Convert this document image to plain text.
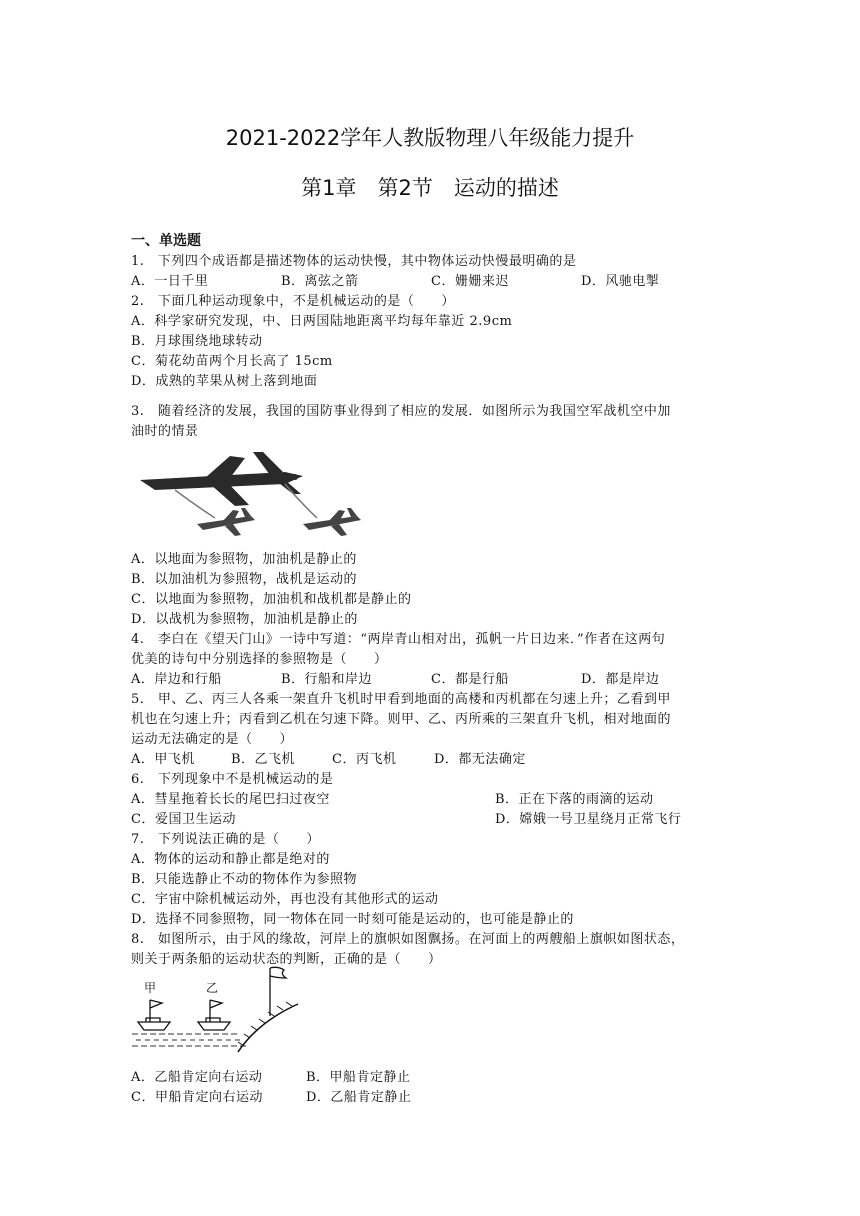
2021-2022学年人教版物理八年级能力提升
第1章　第2节　运动的描述
一、单选题
1.　下列四个成语都是描述物体的运动快慢，其中物体运动快慢最明确的是
A．一日千里	B．离弦之箭	C．姗姗来迟	D．风驰电掣
2.　下面几种运动现象中，不是机械运动的是（　　）
A．科学家研究发现，中、日两国陆地距离平均每年靠近 2.9cm
B．月球围绕地球转动
C．菊花幼苗两个月长高了 15cm
D．成熟的苹果从树上落到地面
3.　随着经济的发展，我国的国防事业得到了相应的发展．如图所示为我国空军战机空中加
油时的情景
A．以地面为参照物，加油机是静止的
B．以加油机为参照物，战机是运动的
C．以地面为参照物，加油机和战机都是静止的
D．以战机为参照物，加油机是静止的
4.　李白在《望天门山》一诗中写道：“两岸青山相对出，孤帆一片日边来．”作者在这两句
优美的诗句中分别选择的参照物是（　　）
A．岸边和行船	B．行船和岸边	C．都是行船	D．都是岸边
5.　甲、乙、丙三人各乘一架直升飞机时甲看到地面的高楼和丙机都在匀速上升；乙看到甲
机也在匀速上升；丙看到乙机在匀速下降。则甲、乙、丙所乘的三架直升飞机，相对地面的
运动无法确定的是（　　）
A．甲飞机	B．乙飞机	C．丙飞机	D．都无法确定
6.　下列现象中不是机械运动的是
A．彗星拖着长长的尾巴扫过夜空	B．正在下落的雨滴的运动
C．爱国卫生运动	D．嫦娥一号卫星绕月正常飞行
7.　下列说法正确的是（　　）
A．物体的运动和静止都是绝对的
B．只能选静止不动的物体作为参照物
C．宇宙中除机械运动外，再也没有其他形式的运动
D．选择不同参照物，同一物体在同一时刻可能是运动的，也可能是静止的
8.　如图所示，由于风的缘故，河岸上的旗帜如图飘扬。在河面上的两艘船上旗帜如图状态，
则关于两条船的运动状态的判断，正确的是（　　）
甲	乙
A．乙船肯定向右运动	B．甲船肯定静止
C．甲船肯定向右运动	D．乙船肯定静止
